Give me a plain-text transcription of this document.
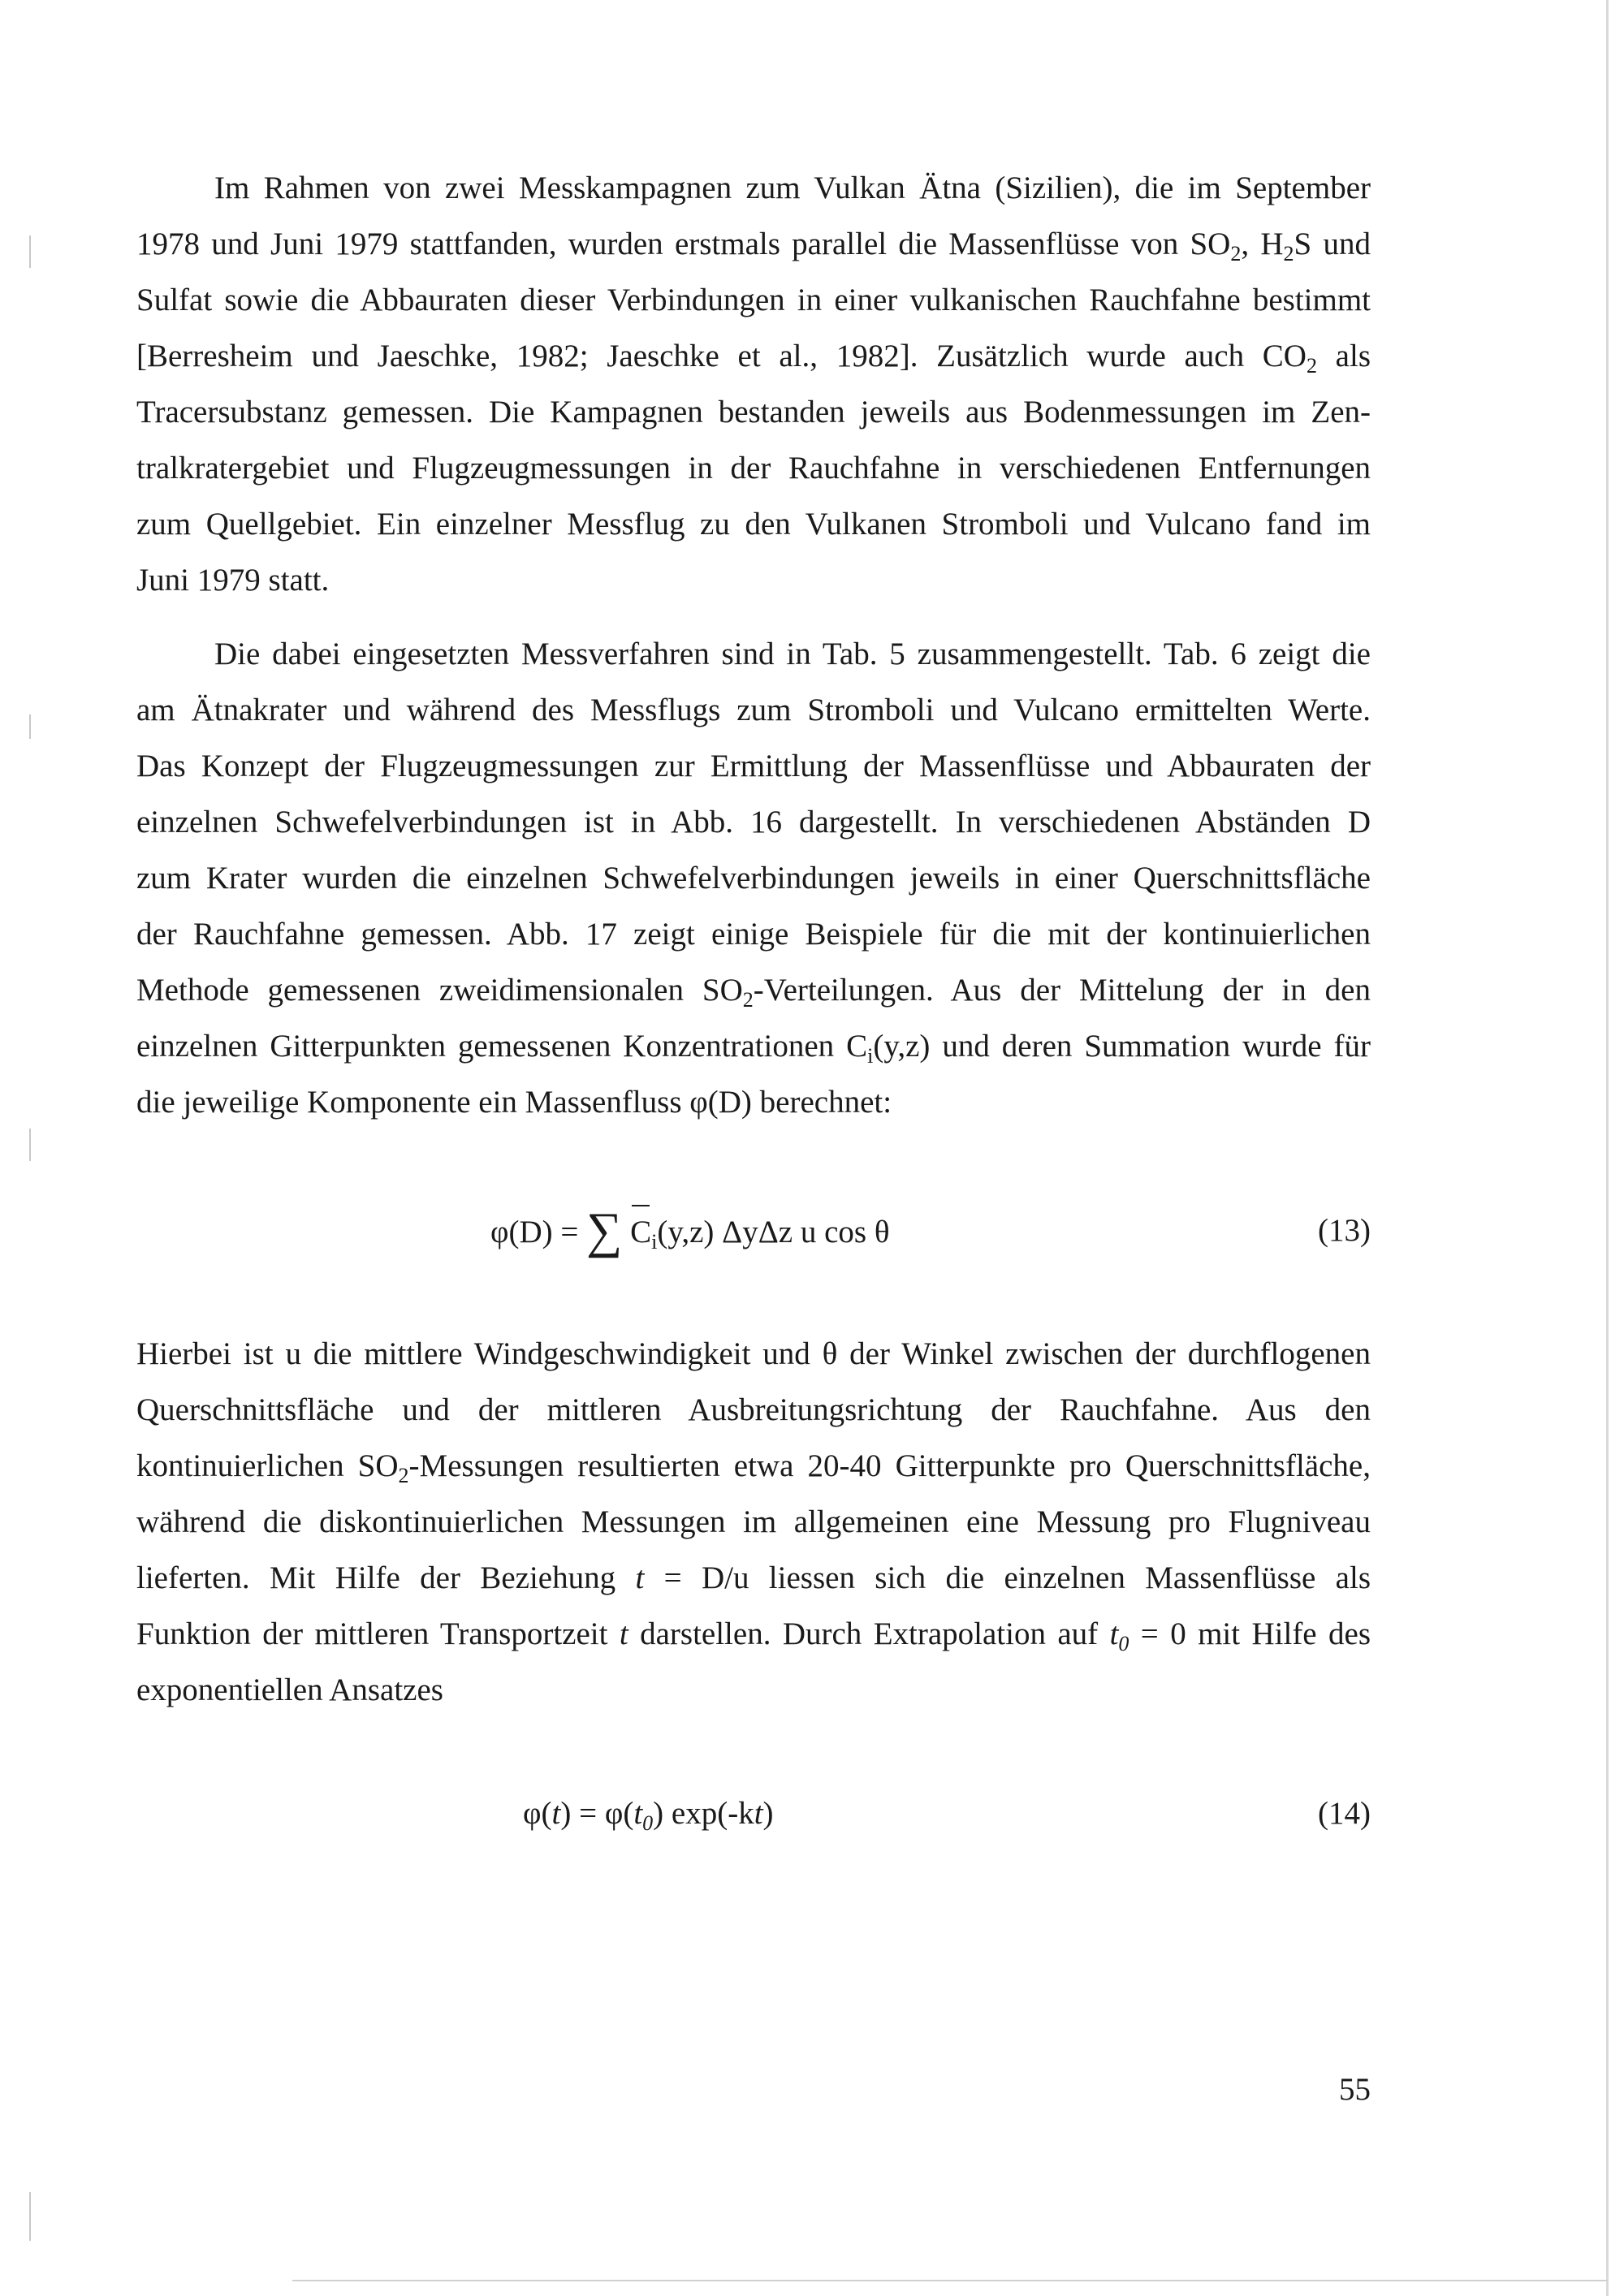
Im Rahmen von zwei Messkampagnen zum Vulkan Ätna (Sizilien), die im September
1978 und Juni 1979 stattfanden, wurden erstmals parallel die Massenflüsse von $SO_2$, $H_2S$ und
Sulfat sowie die Abbauraten dieser Verbindungen in einer vulkanischen Rauchfahne bestimmt
[Berresheim und Jaeschke, 1982; Jaeschke et al., 1982]. Zusätzlich wurde auch $CO_2$ als
Tracersubstanz gemessen. Die Kampagnen bestanden jeweils aus Bodenmessungen im Zen-
tralkratergebiet und Flugzeugmessungen in der Rauchfahne in verschiedenen Entfernungen
zum Quellgebiet. Ein einzelner Messflug zu den Vulkanen Stromboli und Vulcano fand im
Juni 1979 statt.
Die dabei eingesetzten Messverfahren sind in Tab. 5 zusammengestellt. Tab. 6 zeigt die
am Ätnakrater und während des Messflugs zum Stromboli und Vulcano ermittelten Werte.
Das Konzept der Flugzeugmessungen zur Ermittlung der Massenflüsse und Abbauraten der
einzelnen Schwefelverbindungen ist in Abb. 16 dargestellt. In verschiedenen Abständen D
zum Krater wurden die einzelnen Schwefelverbindungen jeweils in einer Querschnittsfläche
der Rauchfahne gemessen. Abb. 17 zeigt einige Beispiele für die mit der kontinuierlichen
Methode gemessenen zweidimensionalen $SO_2$-Verteilungen. Aus der Mittelung der in den
einzelnen Gitterpunkten gemessenen Konzentrationen $C_i(y,z)$ und deren Summation wurde für
die jeweilige Komponente ein Massenfluss φ(D) berechnet:
φ(D) = ∑ $C_i(y,z)$ ΔyΔz u cos θ	(13)
Hierbei ist u die mittlere Windgeschwindigkeit und θ der Winkel zwischen der durchflogenen
Querschnittsfläche und der mittleren Ausbreitungsrichtung der Rauchfahne. Aus den
kontinuierlichen $SO_2$-Messungen resultierten etwa 20-40 Gitterpunkte pro Querschnittsfläche,
während die diskontinuierlichen Messungen im allgemeinen eine Messung pro Flugniveau
lieferten. Mit Hilfe der Beziehung t = D/u liessen sich die einzelnen Massenflüsse als
Funktion der mittleren Transportzeit t darstellen. Durch Extrapolation auf $t_0 = 0$ mit Hilfe des
exponentiellen Ansatzes
$\varphi(t) = \varphi(t_0)$ exp(-kt)	(14)
55
